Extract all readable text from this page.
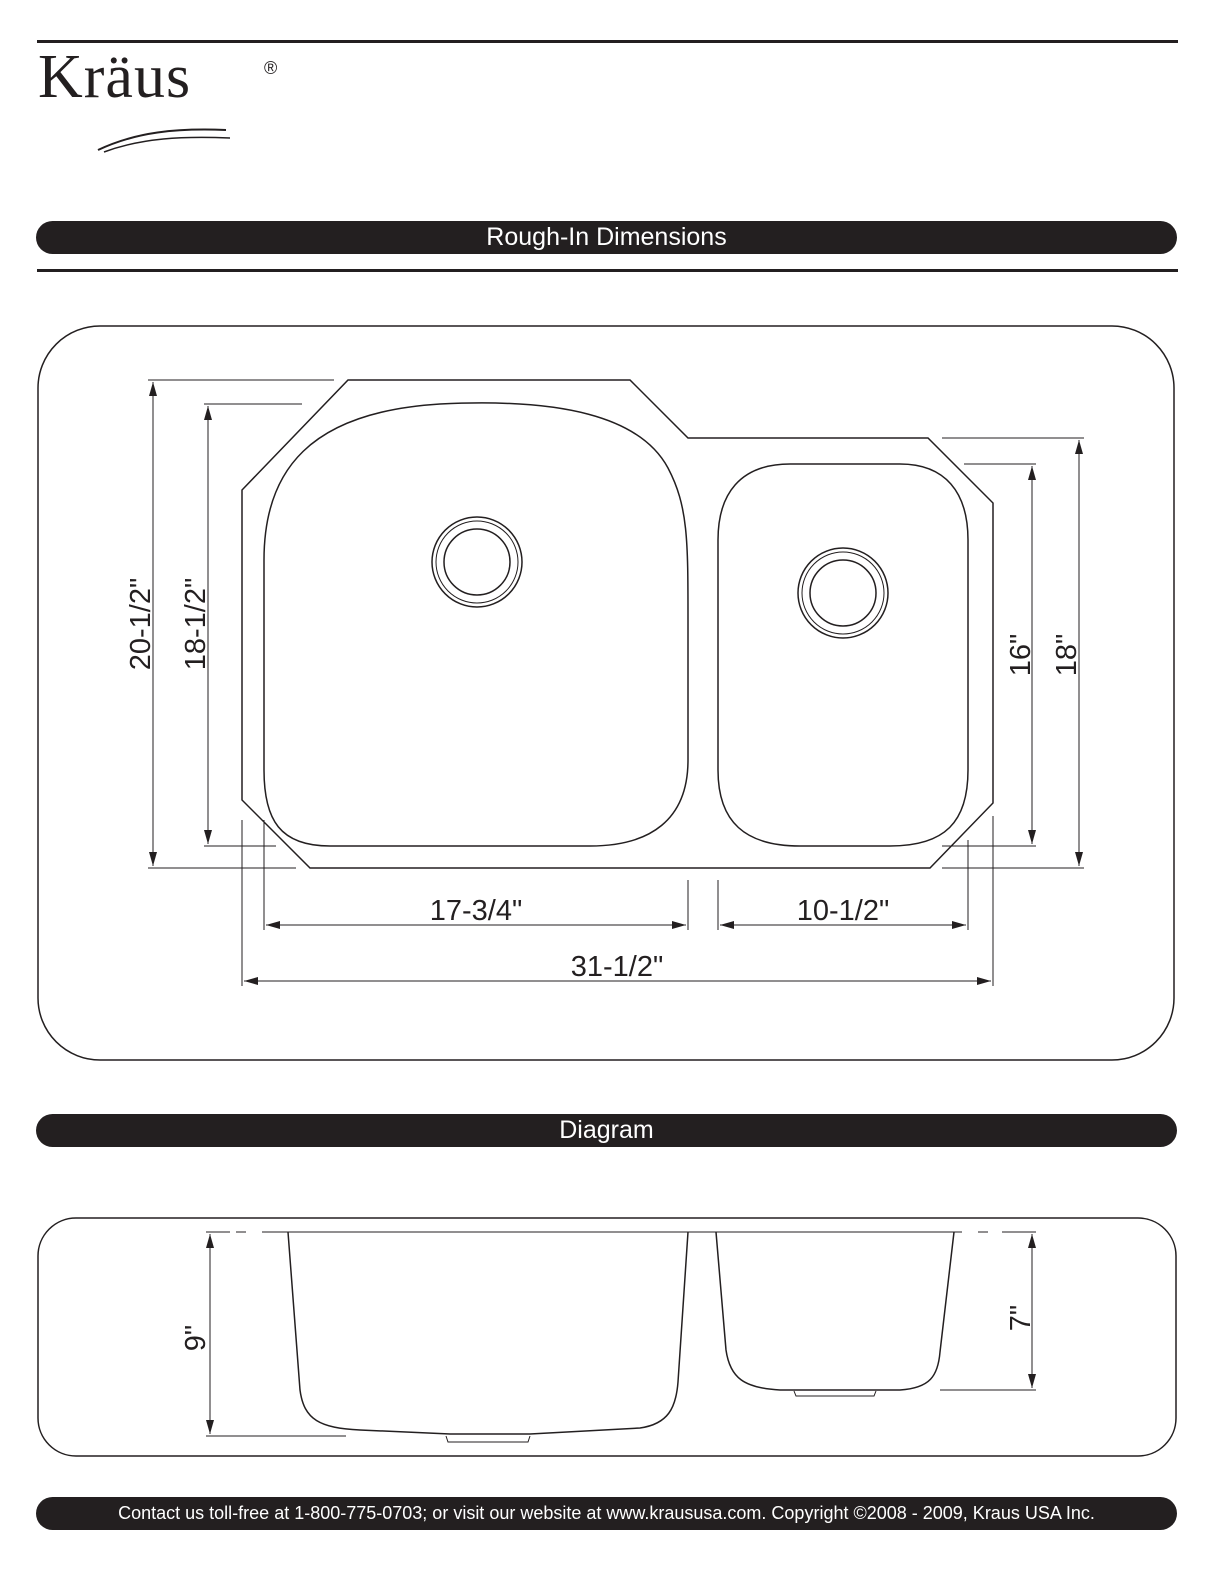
Kräus	®
Rough-In Dimensions
Diagram
17-3/4"	10-1/2"
31-1/2"
20-1/2" 18-1/2"	16" 18"
9"
7"
Contact us toll-free at 1-800-775-0703; or visit our website at www.kraususa.com. Copyright ©2008 - 2009, Kraus USA Inc.
